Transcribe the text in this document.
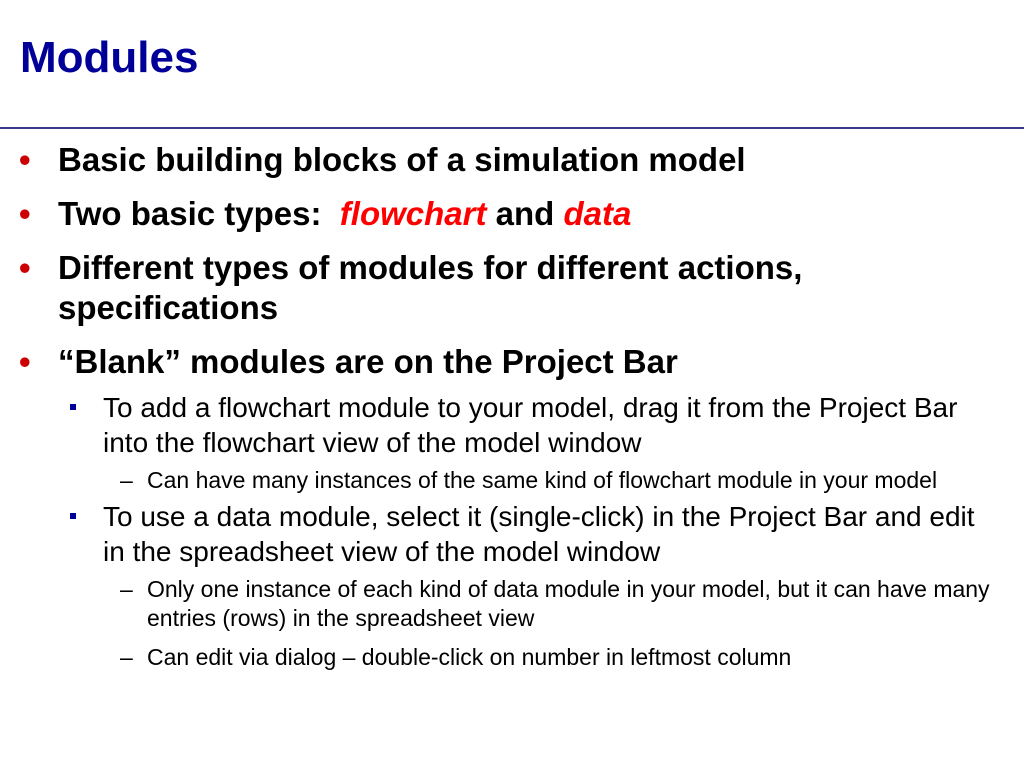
Modules
• Basic building blocks of a simulation model
• Two basic types:  flowchart and data
• Different types of modules for different actions, specifications
• “Blank” modules are on the Project Bar
To add a flowchart module to your model, drag it from the Project Bar into the flowchart view of the model window
– Can have many instances of the same kind of flowchart module in your model
To use a data module, select it (single-click) in the Project Bar and edit in the spreadsheet view of the model window
– Only one instance of each kind of data module in your model, but it can have many entries (rows) in the spreadsheet view
– Can edit via dialog – double-click on number in leftmost column
